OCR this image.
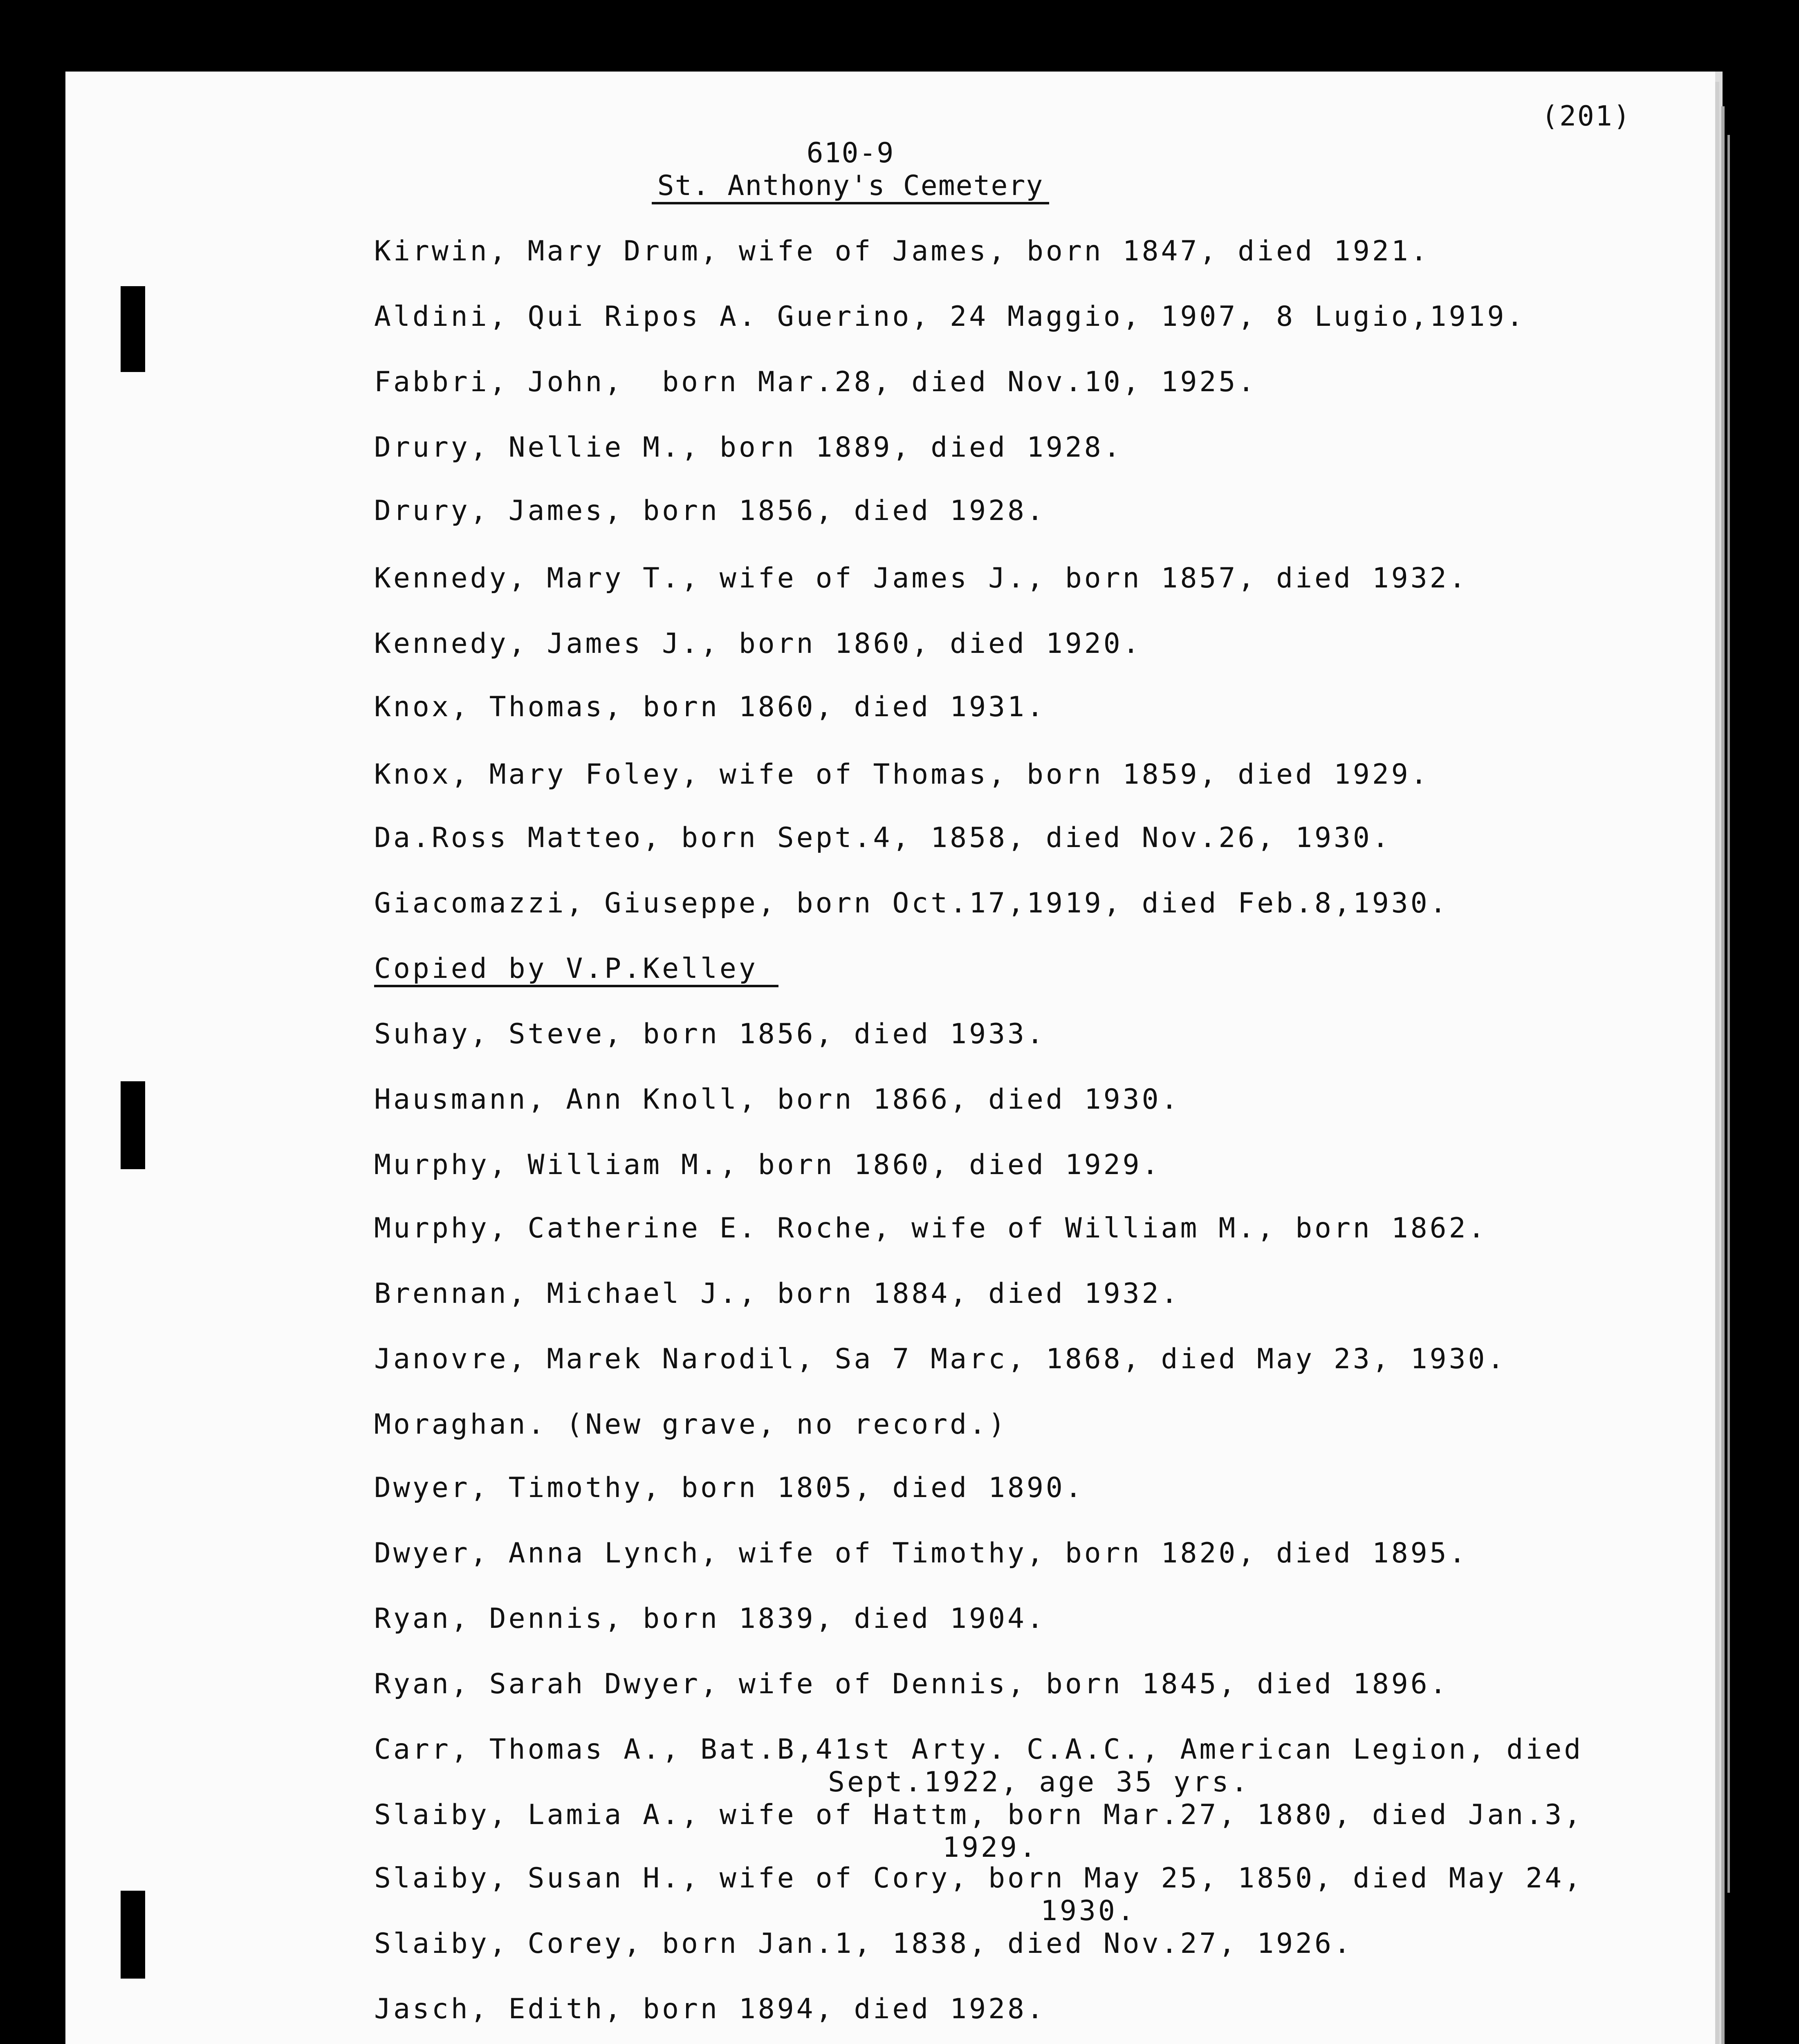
(201)
610-9
St. Anthony's Cemetery
Kirwin, Mary Drum, wife of James, born 1847, died 1921.
Aldini, Qui Ripos A. Guerino, 24 Maggio, 1907, 8 Lugio,1919.
Fabbri, John,  born Mar.28, died Nov.10, 1925.
Drury, Nellie M., born 1889, died 1928.
Drury, James, born 1856, died 1928.
Kennedy, Mary T., wife of James J., born 1857, died 1932.
Kennedy, James J., born 1860, died 1920.
Knox, Thomas, born 1860, died 1931.
Knox, Mary Foley, wife of Thomas, born 1859, died 1929.
Da.Ross Matteo, born Sept.4, 1858, died Nov.26, 1930.
Giacomazzi, Giuseppe, born Oct.17,1919, died Feb.8,1930.
Copied by V.P.Kelley
Suhay, Steve, born 1856, died 1933.
Hausmann, Ann Knoll, born 1866, died 1930.
Murphy, William M., born 1860, died 1929.
Murphy, Catherine E. Roche, wife of William M., born 1862.
Brennan, Michael J., born 1884, died 1932.
Janovre, Marek Narodil, Sa 7 Marc, 1868, died May 23, 1930.
Moraghan. (New grave, no record.)
Dwyer, Timothy, born 1805, died 1890.
Dwyer, Anna Lynch, wife of Timothy, born 1820, died 1895.
Ryan, Dennis, born 1839, died 1904.
Ryan, Sarah Dwyer, wife of Dennis, born 1845, died 1896.
Carr, Thomas A., Bat.B,41st Arty. C.A.C., American Legion, died
Sept.1922, age 35 yrs.
Slaiby, Lamia A., wife of Hattm, born Mar.27, 1880, died Jan.3,
1929.
Slaiby, Susan H., wife of Cory, born May 25, 1850, died May 24,
1930.
Slaiby, Corey, born Jan.1, 1838, died Nov.27, 1926.
Jasch, Edith, born 1894, died 1928.
